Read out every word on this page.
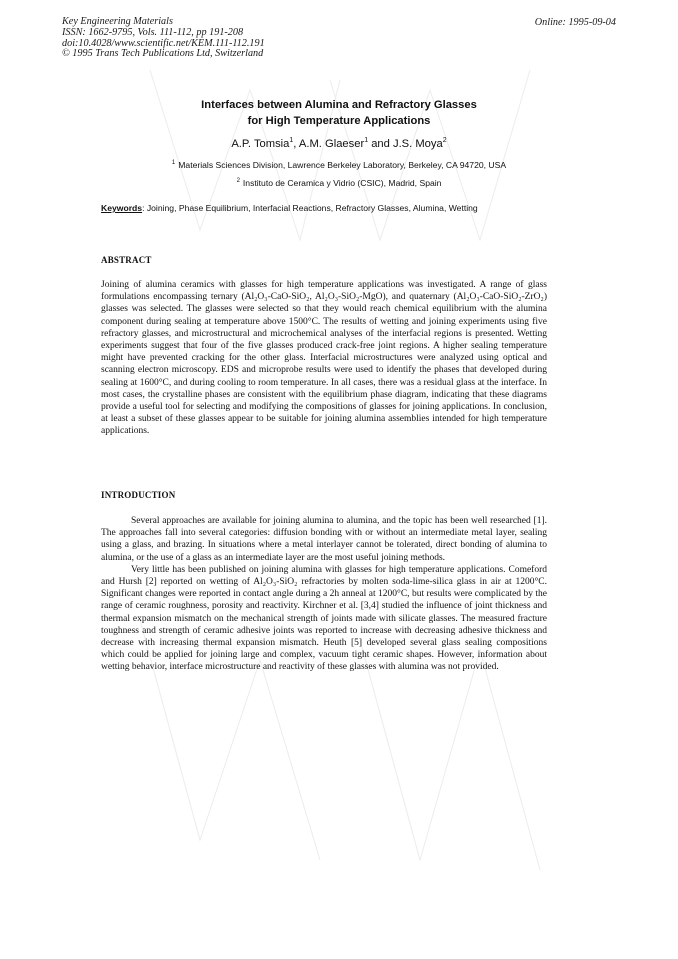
Key Engineering Materials
ISSN: 1662-9795, Vols. 111-112, pp 191-208
doi:10.4028/www.scientific.net/KEM.111-112.191
© 1995 Trans Tech Publications Ltd, Switzerland
Online: 1995-09-04
Interfaces between Alumina and Refractory Glasses
for High Temperature Applications
A.P. Tomsia$^1$, A.M. Glaeser$^1$ and J.S. Moya$^2$
$^1$ Materials Sciences Division, Lawrence Berkeley Laboratory, Berkeley, CA 94720, USA
$^2$ Instituto de Ceramica y Vidrio (CSIC), Madrid, Spain
Keywords: Joining, Phase Equilibrium, Interfacial Reactions, Refractory Glasses, Alumina, Wetting
ABSTRACT

Joining of alumina ceramics with glasses for high temperature applications was investigated. A range of glass formulations encompassing ternary (Al₂O₃-CaO-SiO₂, Al₂O₃-SiO₂-MgO), and quaternary (Al₂O₃-CaO-SiO₂-ZrO₂) glasses was selected. The glasses were selected so that they would reach chemical equilibrium with the alumina component during sealing at temperature above 1500°C. The results of wetting and joining experiments using five refractory glasses, and microstructural and microchemical analyses of the interfacial regions is presented. Wetting experiments suggest that four of the five glasses produced crack-free joint regions. A higher sealing temperature might have prevented cracking for the other glass. Interfacial microstructures were analyzed using optical and scanning electron microscopy. EDS and microprobe results were used to identify the phases that developed during sealing at 1600°C, and during cooling to room temperature. In all cases, there was a residual glass at the interface. In most cases, the crystalline phases are consistent with the equilibrium phase diagram, indicating that these diagrams provide a useful tool for selecting and modifying the compositions of glasses for joining applications. In conclusion, at least a subset of these glasses appear to be suitable for joining alumina assemblies intended for high temperature applications.

INTRODUCTION

Several approaches are available for joining alumina to alumina, and the topic has been well researched [1]. The approaches fall into several categories: diffusion bonding with or without an intermediate metal layer, sealing using a glass, and brazing. In situations where a metal interlayer cannot be tolerated, direct bonding of alumina to alumina, or the use of a glass as an intermediate layer are the most useful joining methods.

Very little has been published on joining alumina with glasses for high temperature applications. Comeford and Hursh [2] reported on wetting of Al₂O₃-SiO₂ refractories by molten soda-lime-silica glass in air at 1200°C. Significant changes were reported in contact angle during a 2h anneal at 1200°C, but results were complicated by the range of ceramic roughness, porosity and reactivity. Kirchner et al. [3,4] studied the influence of joint thickness and thermal expansion mismatch on the mechanical strength of joints made with silicate glasses. The measured fracture toughness and strength of ceramic adhesive joints was reported to increase with decreasing adhesive thickness and decrease with increasing thermal expansion mismatch. Heuth [5] developed several glass sealing compositions which could be applied for joining large and complex, vacuum tight ceramic shapes. However, information about wetting behavior, interface microstructure and reactivity of these glasses with alumina was not provided.
